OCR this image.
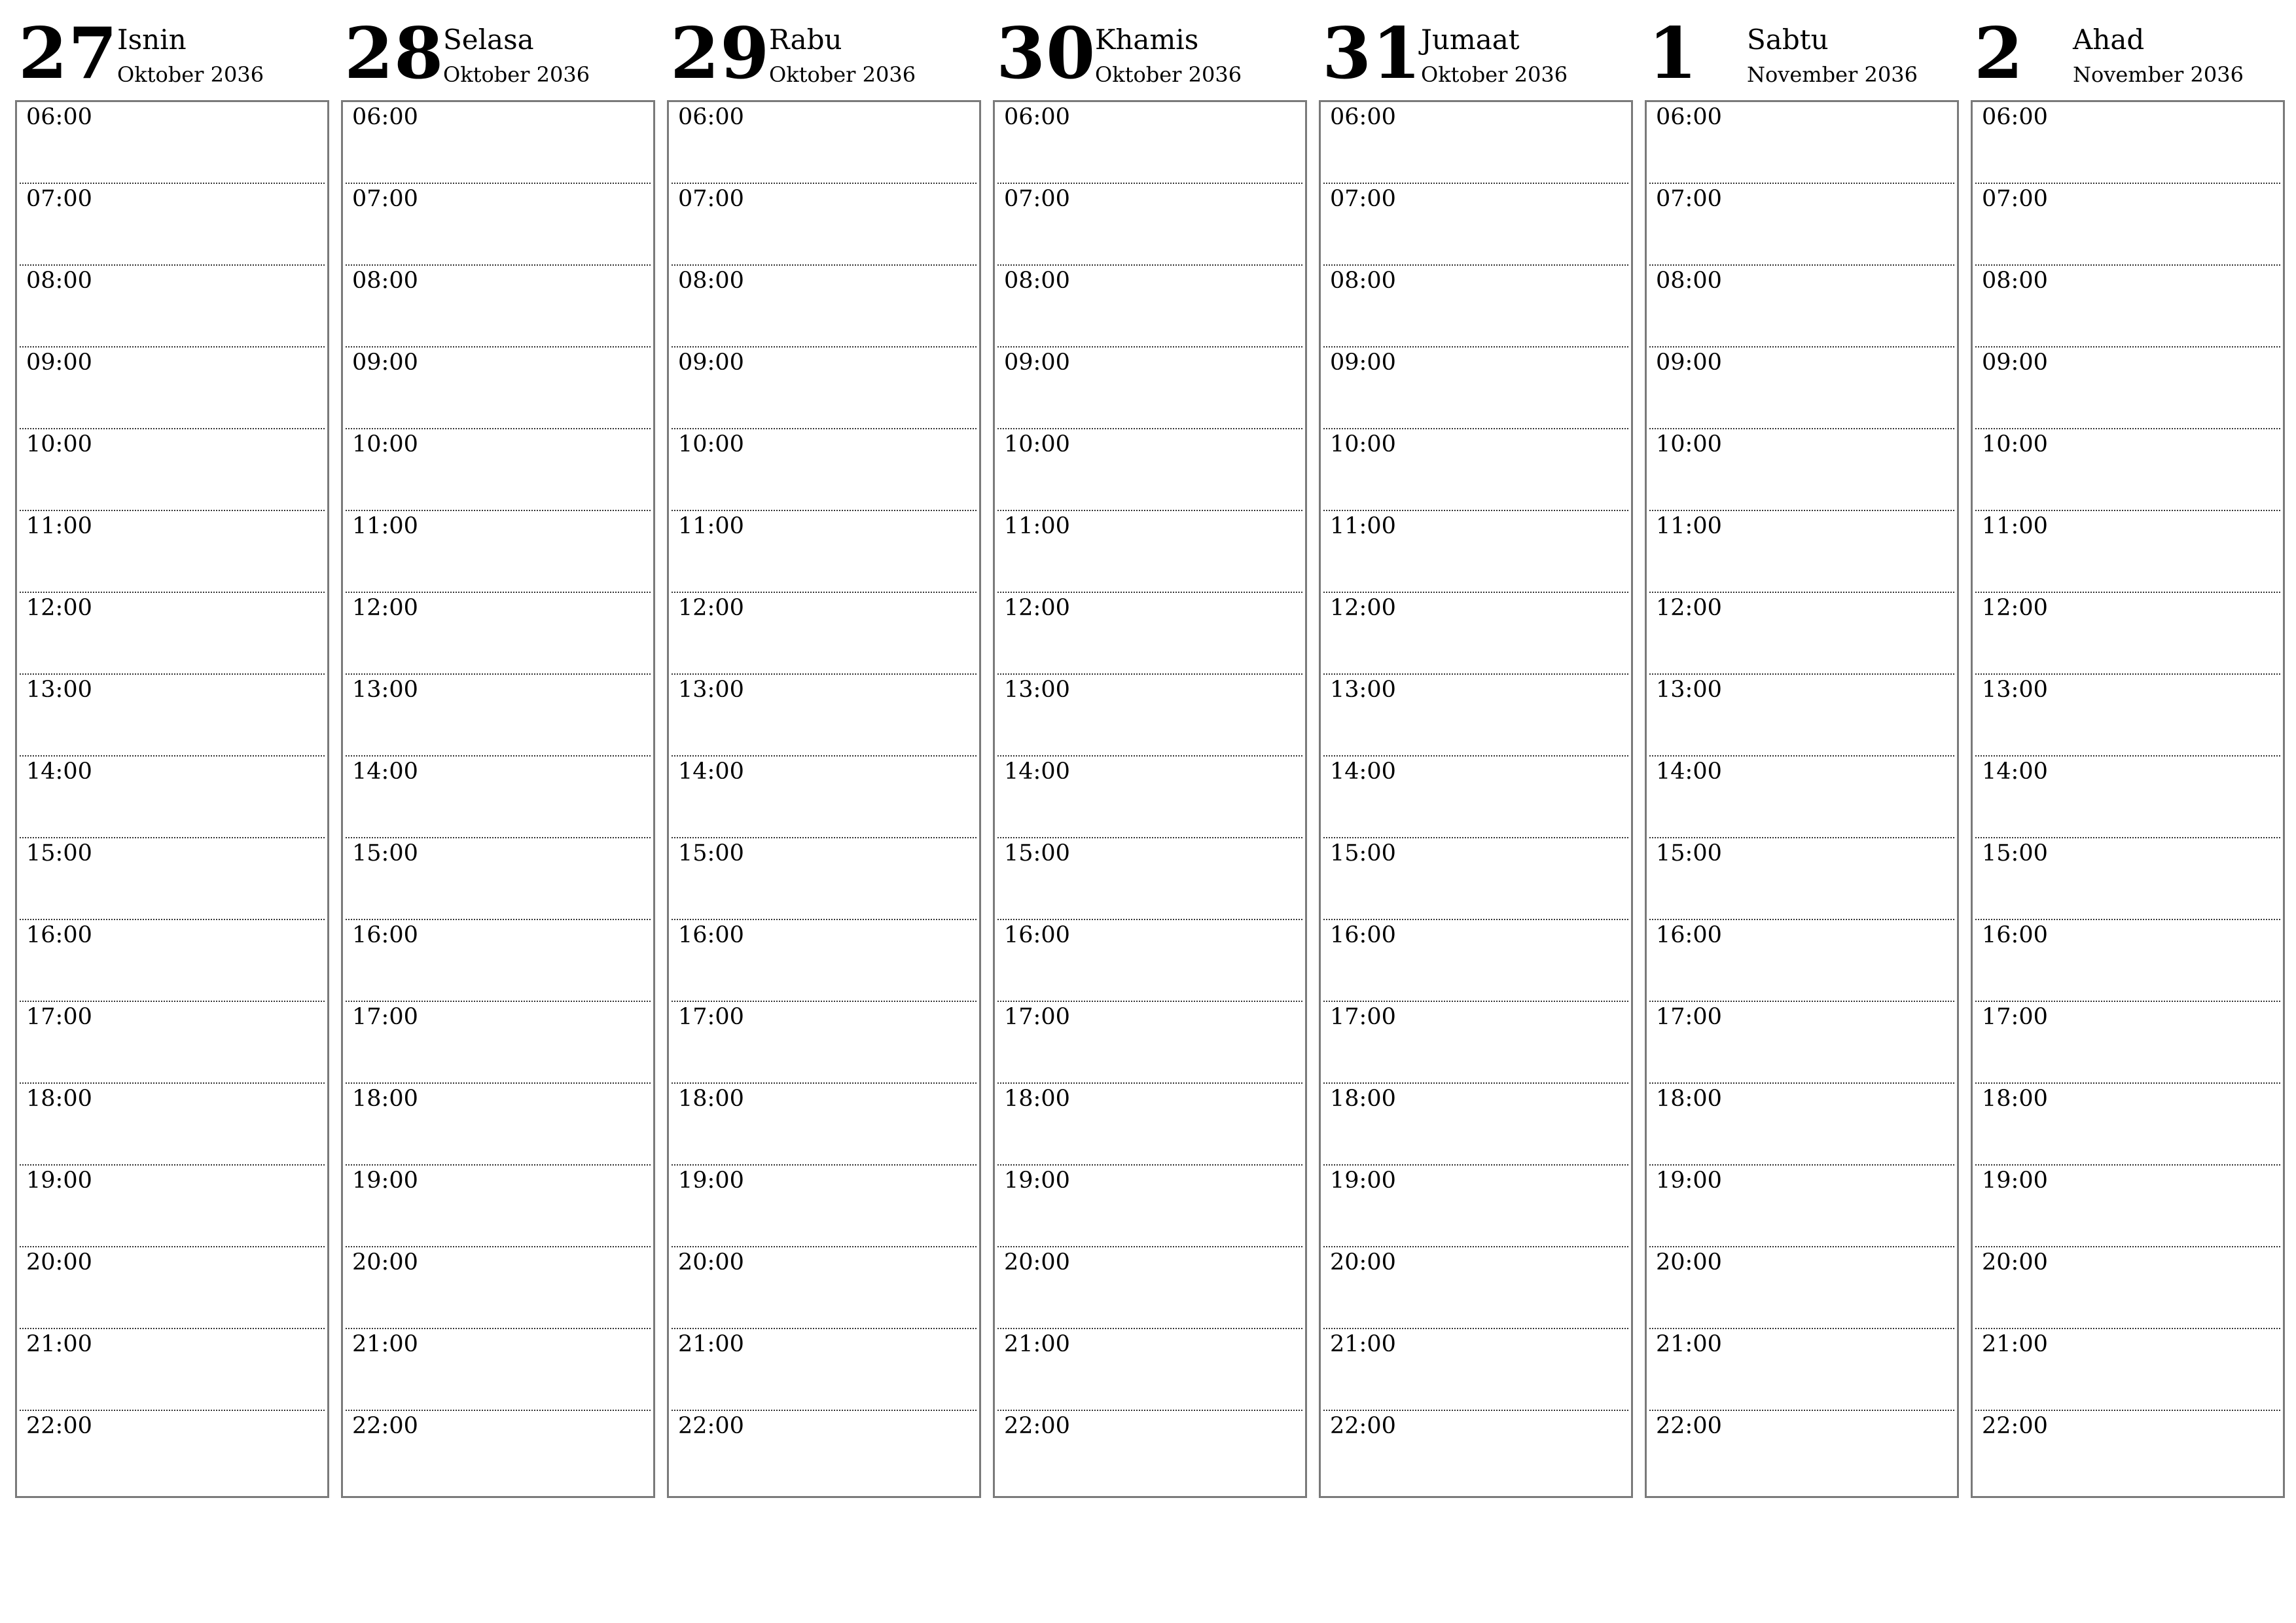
27
Isnin
Oktober 2036
06:00
07:00
08:00
09:00
10:00
11:00
12:00
13:00
14:00
15:00
16:00
17:00
18:00
19:00
20:00
21:00
22:00
28
Selasa
Oktober 2036
06:00
07:00
08:00
09:00
10:00
11:00
12:00
13:00
14:00
15:00
16:00
17:00
18:00
19:00
20:00
21:00
22:00
29
Rabu
Oktober 2036
06:00
07:00
08:00
09:00
10:00
11:00
12:00
13:00
14:00
15:00
16:00
17:00
18:00
19:00
20:00
21:00
22:00
30
Khamis
Oktober 2036
06:00
07:00
08:00
09:00
10:00
11:00
12:00
13:00
14:00
15:00
16:00
17:00
18:00
19:00
20:00
21:00
22:00
31
Jumaat
Oktober 2036
06:00
07:00
08:00
09:00
10:00
11:00
12:00
13:00
14:00
15:00
16:00
17:00
18:00
19:00
20:00
21:00
22:00
1 Sabtu
November 2036
06:00
07:00
08:00
09:00
10:00
11:00
12:00
13:00
14:00
15:00
16:00
17:00
18:00
19:00
20:00
21:00
22:00
2 Ahad
November 2036
06:00
07:00
08:00
09:00
10:00
11:00
12:00
13:00
14:00
15:00
16:00
17:00
18:00
19:00
20:00
21:00
22:00
